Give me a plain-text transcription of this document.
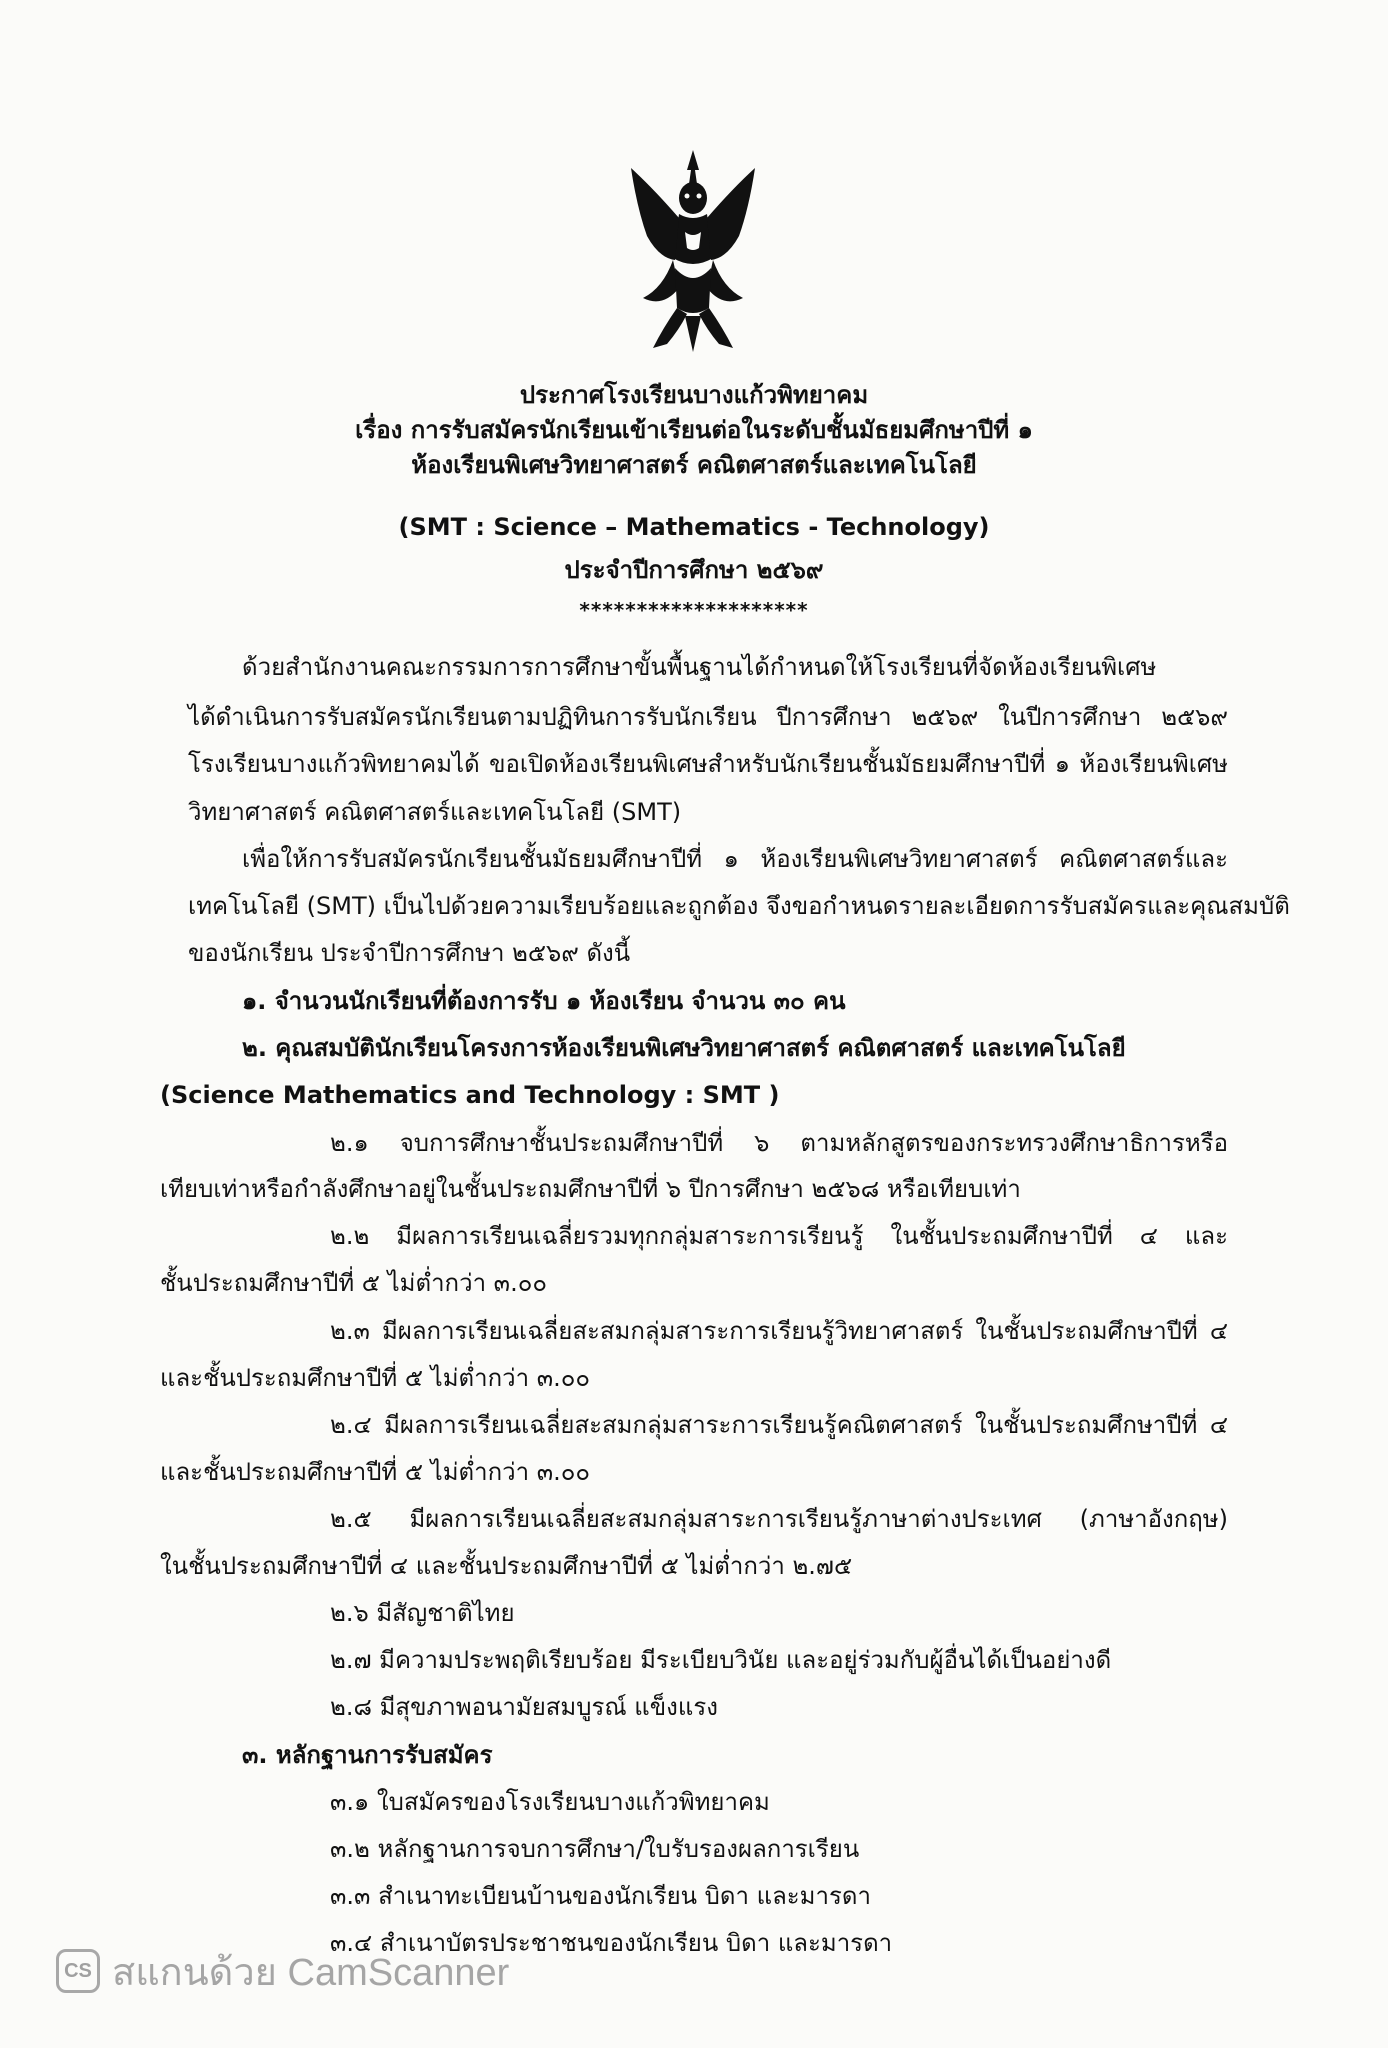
ประกาศโรงเรียนบางแก้วพิทยาคม
เรื่อง การรับสมัครนักเรียนเข้าเรียนต่อในระดับชั้นมัธยมศึกษาปีที่ ๑
ห้องเรียนพิเศษวิทยาศาสตร์ คณิตศาสตร์และเทคโนโลยี
(SMT : Science – Mathematics - Technology)
ประจำปีการศึกษา ๒๕๖๙
********************
ด้วยสำนักงานคณะกรรมการการศึกษาขั้นพื้นฐานได้กำหนดให้โรงเรียนที่จัดห้องเรียนพิเศษ
ได้ดำเนินการรับสมัครนักเรียนตามปฏิทินการรับนักเรียน ปีการศึกษา ๒๕๖๙ ในปีการศึกษา ๒๕๖๙
โรงเรียนบางแก้วพิทยาคมได้ ขอเปิดห้องเรียนพิเศษสำหรับนักเรียนชั้นมัธยมศึกษาปีที่ ๑ ห้องเรียนพิเศษ
วิทยาศาสตร์ คณิตศาสตร์และเทคโนโลยี (SMT)
เพื่อให้การรับสมัครนักเรียนชั้นมัธยมศึกษาปีที่ ๑ ห้องเรียนพิเศษวิทยาศาสตร์ คณิตศาสตร์และ
เทคโนโลยี (SMT) เป็นไปด้วยความเรียบร้อยและถูกต้อง จึงขอกำหนดรายละเอียดการรับสมัครและคุณสมบัติ
ของนักเรียน ประจำปีการศึกษา ๒๕๖๙ ดังนี้
๑. จำนวนนักเรียนที่ต้องการรับ ๑ ห้องเรียน จำนวน ๓๐ คน
๒. คุณสมบัตินักเรียนโครงการห้องเรียนพิเศษวิทยาศาสตร์ คณิตศาสตร์ และเทคโนโลยี
(Science Mathematics and Technology : SMT )
๒.๑ จบการศึกษาชั้นประถมศึกษาปีที่ ๖ ตามหลักสูตรของกระทรวงศึกษาธิการหรือ
เทียบเท่าหรือกำลังศึกษาอยู่ในชั้นประถมศึกษาปีที่ ๖ ปีการศึกษา ๒๕๖๘ หรือเทียบเท่า
๒.๒ มีผลการเรียนเฉลี่ยรวมทุกกลุ่มสาระการเรียนรู้ ในชั้นประถมศึกษาปีที่ ๔ และ
ชั้นประถมศึกษาปีที่ ๕ ไม่ต่ำกว่า ๓.๐๐
๒.๓ มีผลการเรียนเฉลี่ยสะสมกลุ่มสาระการเรียนรู้วิทยาศาสตร์ ในชั้นประถมศึกษาปีที่ ๔
และชั้นประถมศึกษาปีที่ ๕ ไม่ต่ำกว่า ๓.๐๐
๒.๔ มีผลการเรียนเฉลี่ยสะสมกลุ่มสาระการเรียนรู้คณิตศาสตร์ ในชั้นประถมศึกษาปีที่ ๔
และชั้นประถมศึกษาปีที่ ๕ ไม่ต่ำกว่า ๓.๐๐
๒.๕ มีผลการเรียนเฉลี่ยสะสมกลุ่มสาระการเรียนรู้ภาษาต่างประเทศ (ภาษาอังกฤษ)
ในชั้นประถมศึกษาปีที่ ๔ และชั้นประถมศึกษาปีที่ ๕ ไม่ต่ำกว่า ๒.๗๕
๒.๖ มีสัญชาติไทย
๒.๗ มีความประพฤติเรียบร้อย มีระเบียบวินัย และอยู่ร่วมกับผู้อื่นได้เป็นอย่างดี
๒.๘ มีสุขภาพอนามัยสมบูรณ์ แข็งแรง
๓. หลักฐานการรับสมัคร
๓.๑ ใบสมัครของโรงเรียนบางแก้วพิทยาคม
๓.๒ หลักฐานการจบการศึกษา/ใบรับรองผลการเรียน
๓.๓ สำเนาทะเบียนบ้านของนักเรียน บิดา และมารดา
๓.๔ สำเนาบัตรประชาชนของนักเรียน บิดา และมารดา
CS สแกนด้วย CamScanner
